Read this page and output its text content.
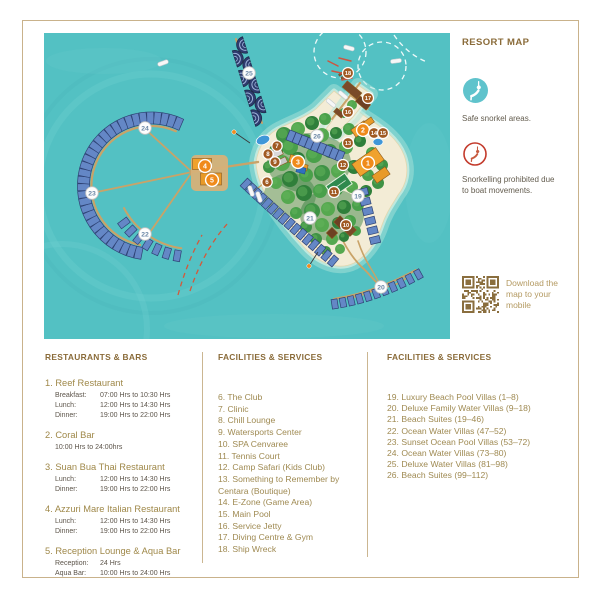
1
2
3
4
5	6
7
8
9
10
11
12
13
14 15
16
17
18
19
20
21
22
23
24
25
26
RESORT MAP
Safe snorkel areas.
Snorkelling prohibited due to boat movements.
Download the map to your mobile
RESTAURANTS & BARS
1. Reef Restaurant
Breakfast: 07:00 Hrs to 10:30 Hrs
Lunch:	12:00 Hrs to 14:30 Hrs
Dinner:	19:00 Hrs to 22:00 Hrs
2. Coral Bar
10:00 Hrs to 24:00hrs
3. Suan Bua Thai Restaurant
Lunch:	12:00 Hrs to 14:30 Hrs
Dinner:	19:00 Hrs to 22:00 Hrs
4. Azzuri Mare Italian Restaurant
Lunch:	12:00 Hrs to 14:30 Hrs
Dinner:	19:00 Hrs to 22:00 Hrs
5. Reception Lounge & Aqua Bar
Reception: 24 Hrs
Aqua Bar: 10:00 Hrs to 24:00 Hrs
FACILITIES & SERVICES
6. The Club
7. Clinic
8. Chill Lounge
9. Watersports Center
10. SPA Cenvaree
11. Tennis Court
12. Camp Safari (Kids Club)
13. Something to Remember by Centara (Boutique)
14. E-Zone (Game Area)
15. Main Pool
16. Service Jetty
17. Diving Centre & Gym
18. Ship Wreck
FACILITIES & SERVICES
19. Luxury Beach Pool Villas (1–8)
20. Deluxe Family Water Villas (9–18)
21. Beach Suites (19–46)
22. Ocean Water Villas (47–52)
23. Sunset Ocean Pool Villas (53–72)
24. Ocean Water Villas (73–80)
25. Deluxe Water Villas (81–98)
26. Beach Suites (99–112)
